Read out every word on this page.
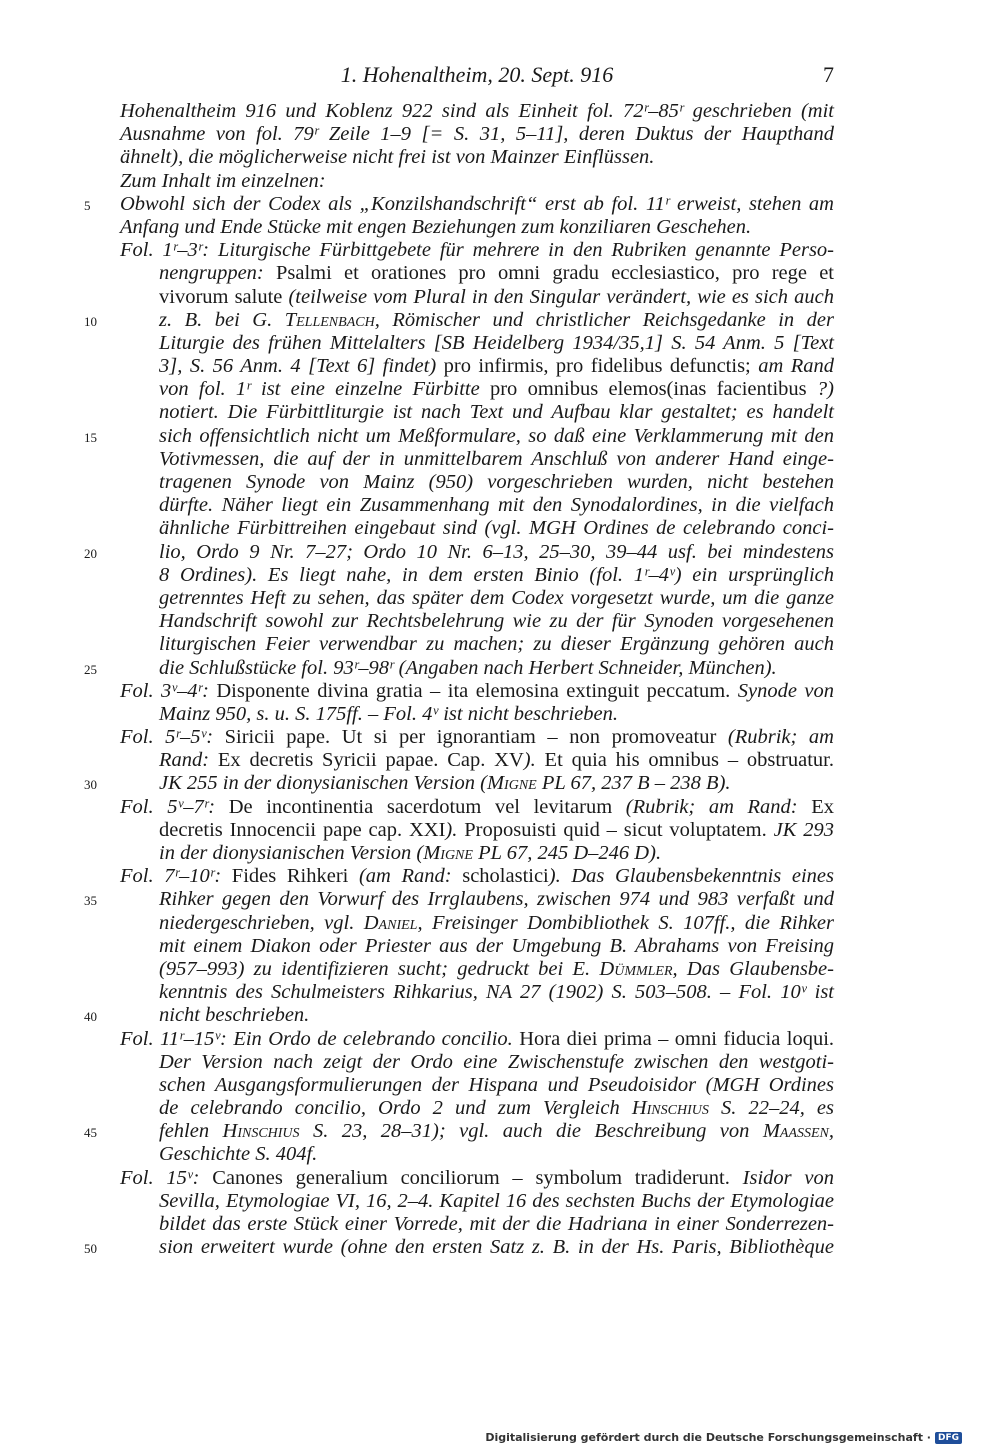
1. Hohenaltheim, 20. Sept. 916	7
Hohenaltheim 916 und Koblenz 922 sind als Einheit fol. 72ʳ–85ʳ geschrieben (mit
Ausnahme von fol. 79ʳ Zeile 1–9 [= S. 31, 5–11], deren Duktus der Haupthand
ähnelt), die möglicherweise nicht frei ist von Mainzer Einflüssen.
Zum Inhalt im einzelnen:
5 Obwohl sich der Codex als „Konzilshandschrift“ erst ab fol. 11ʳ erweist, stehen am
Anfang und Ende Stücke mit engen Beziehungen zum konziliaren Geschehen.
Fol. 1ʳ–3ʳ: Liturgische Fürbittgebete für mehrere in den Rubriken genannte Perso-
nengruppen: Psalmi et orationes pro omni gradu ecclesiastico, pro rege et
vivorum salute (teilweise vom Plural in den Singular verändert, wie es sich auch
10	z. B. bei G. Tellenbach, Römischer und christlicher Reichsgedanke in der
Liturgie des frühen Mittelalters [SB Heidelberg 1934/35,1] S. 54 Anm. 5 [Text
3], S. 56 Anm. 4 [Text 6] findet) pro infirmis, pro fidelibus defunctis; am Rand
von fol. 1ʳ ist eine einzelne Fürbitte pro omnibus elemos(inas facientibus ?)
notiert. Die Fürbittliturgie ist nach Text und Aufbau klar gestaltet; es handelt
15	sich offensichtlich nicht um Meßformulare, so daß eine Verklammerung mit den
Votivmessen, die auf der in unmittelbarem Anschluß von anderer Hand einge-
tragenen Synode von Mainz (950) vorgeschrieben wurden, nicht bestehen
dürfte. Näher liegt ein Zusammenhang mit den Synodalordines, in die vielfach
ähnliche Fürbittreihen eingebaut sind (vgl. MGH Ordines de celebrando conci-
20	lio, Ordo 9 Nr. 7–27; Ordo 10 Nr. 6–13, 25–30, 39–44 usf. bei mindestens
8 Ordines). Es liegt nahe, in dem ersten Binio (fol. 1ʳ–4ᵛ) ein ursprünglich
getrenntes Heft zu sehen, das später dem Codex vorgesetzt wurde, um die ganze
Handschrift sowohl zur Rechtsbelehrung wie zu der für Synoden vorgesehenen
liturgischen Feier verwendbar zu machen; zu dieser Ergänzung gehören auch
25	die Schlußstücke fol. 93ʳ–98ʳ (Angaben nach Herbert Schneider, München).
Fol. 3ᵛ–4ʳ: Disponente divina gratia – ita elemosina extinguit peccatum. Synode von
Mainz 950, s. u. S. 175ff. – Fol. 4ᵛ ist nicht beschrieben.
Fol. 5ʳ–5ᵛ: Siricii pape. Ut si per ignorantiam – non promoveatur (Rubrik; am
Rand: Ex decretis Syricii papae. Cap. XV). Et quia his omnibus – obstruatur.
30	JK 255 in der dionysianischen Version (Migne PL 67, 237 B – 238 B).
Fol. 5ᵛ–7ʳ: De incontinentia sacerdotum vel levitarum (Rubrik; am Rand: Ex
decretis Innocencii pape cap. XXI). Proposuisti quid – sicut voluptatem. JK 293
in der dionysianischen Version (Migne PL 67, 245 D–246 D).
Fol. 7ʳ–10ʳ: Fides Rihkeri (am Rand: scholastici). Das Glaubensbekenntnis eines
35	Rihker gegen den Vorwurf des Irrglaubens, zwischen 974 und 983 verfaßt und
niedergeschrieben, vgl. Daniel, Freisinger Dombibliothek S. 107ff., die Rihker
mit einem Diakon oder Priester aus der Umgebung B. Abrahams von Freising
(957–993) zu identifizieren sucht; gedruckt bei E. Dümmler, Das Glaubensbe-
kenntnis des Schulmeisters Rihkarius, NA 27 (1902) S. 503–508. – Fol. 10ᵛ ist
40	nicht beschrieben.
Fol. 11ʳ–15ᵛ: Ein Ordo de celebrando concilio. Hora diei prima – omni fiducia loqui.
Der Version nach zeigt der Ordo eine Zwischenstufe zwischen den westgoti-
schen Ausgangsformulierungen der Hispana und Pseudoisidor (MGH Ordines
de celebrando concilio, Ordo 2 und zum Vergleich Hinschius S. 22–24, es
45	fehlen Hinschius S. 23, 28–31); vgl. auch die Beschreibung von Maassen,
Geschichte S. 404f.
Fol. 15ᵛ: Canones generalium conciliorum – symbolum tradiderunt. Isidor von
Sevilla, Etymologiae VI, 16, 2–4. Kapitel 16 des sechsten Buchs der Etymologiae
bildet das erste Stück einer Vorrede, mit der die Hadriana in einer Sonderrezen-
50	sion erweitert wurde (ohne den ersten Satz z. B. in der Hs. Paris, Bibliothèque
Digitalisierung gefördert durch die Deutsche Forschungsgemeinschaft · DFG
